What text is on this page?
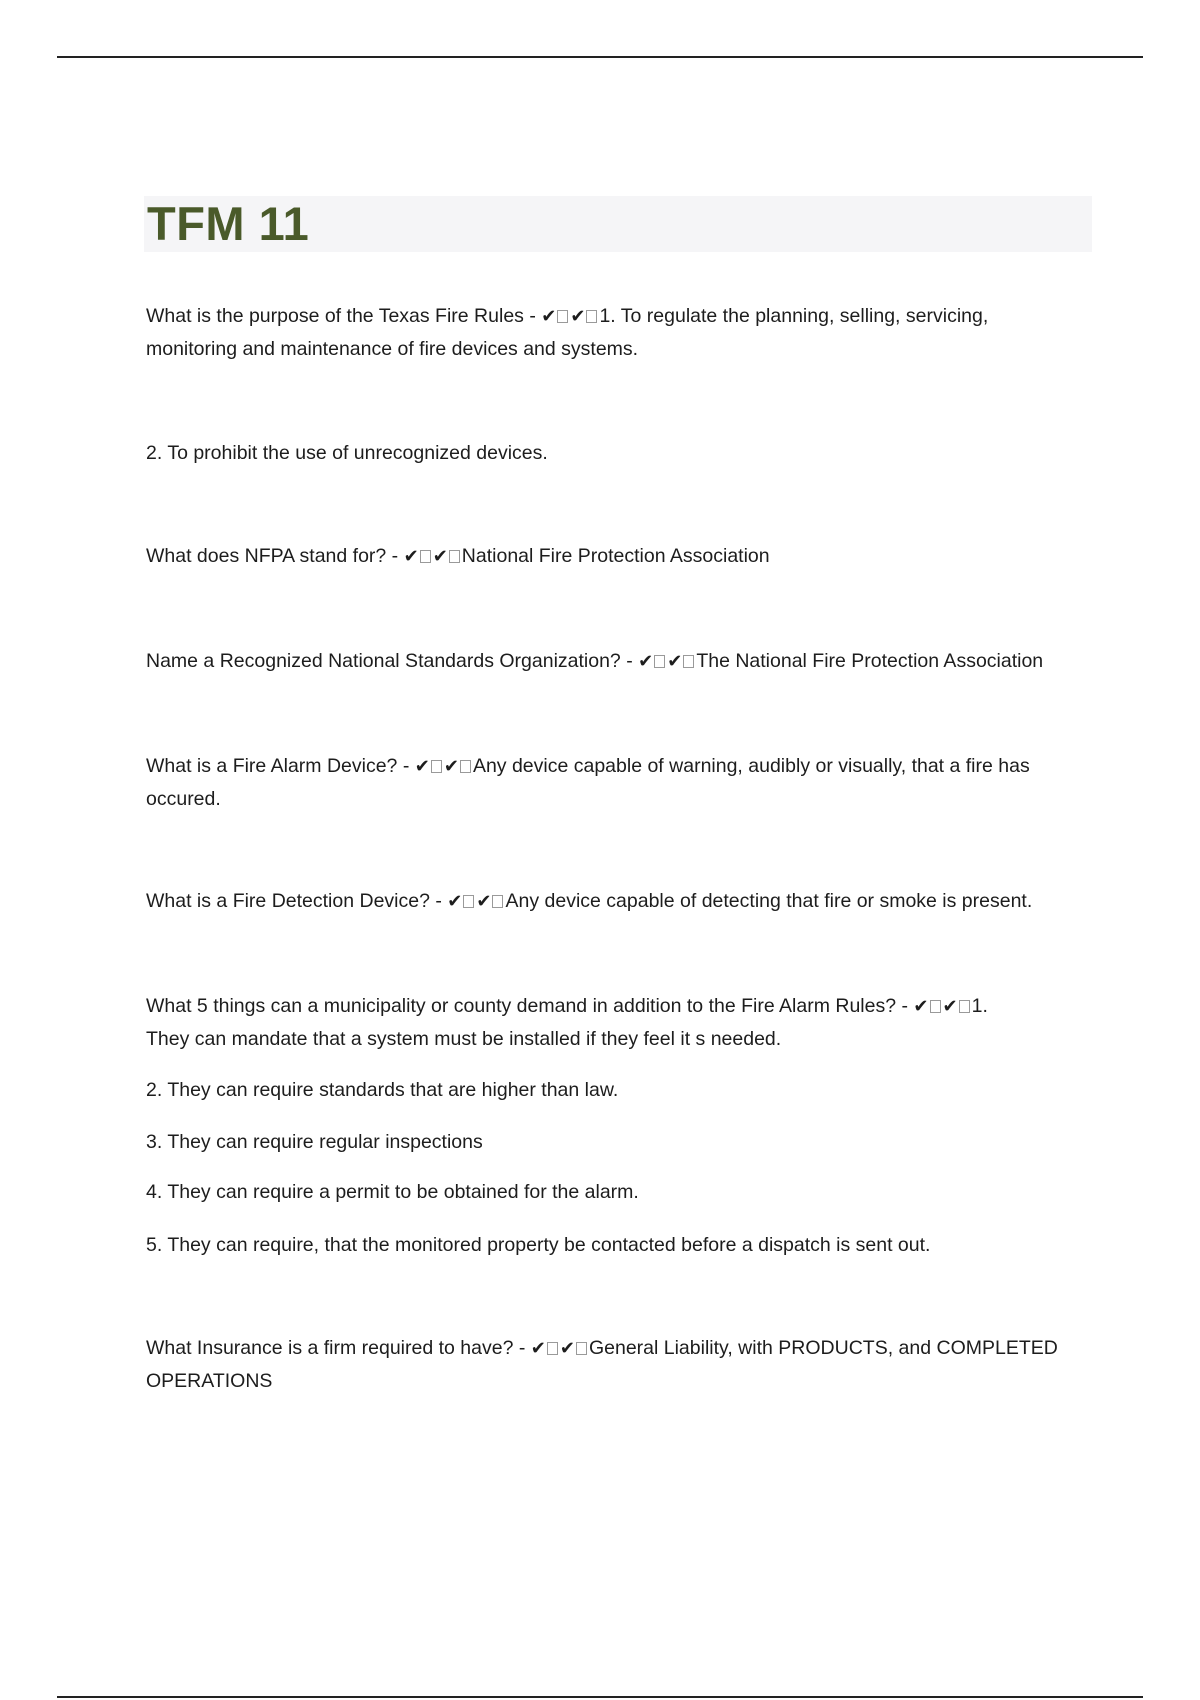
TFM 11

What is the purpose of the Texas Fire Rules - ✔ ✔ 1. To regulate the planning, selling, servicing,
monitoring and maintenance of fire devices and systems.

2. To prohibit the use of unrecognized devices.

What does NFPA stand for? - ✔ ✔ National Fire Protection Association

Name a Recognized National Standards Organization? - ✔ ✔ The National Fire Protection Association

What is a Fire Alarm Device? - ✔ ✔ Any device capable of warning, audibly or visually, that a fire has
occured.

What is a Fire Detection Device? - ✔ ✔ Any device capable of detecting that fire or smoke is present.

What 5 things can a municipality or county demand in addition to the Fire Alarm Rules? - ✔ ✔ 1.
They can mandate that a system must be installed if they feel it s needed.

2. They can require standards that are higher than law.

3. They can require regular inspections

4. They can require a permit to be obtained for the alarm.

5. They can require, that the monitored property be contacted before a dispatch is sent out.

What Insurance is a firm required to have? - ✔ ✔ General Liability, with PRODUCTS, and COMPLETED
OPERATIONS
